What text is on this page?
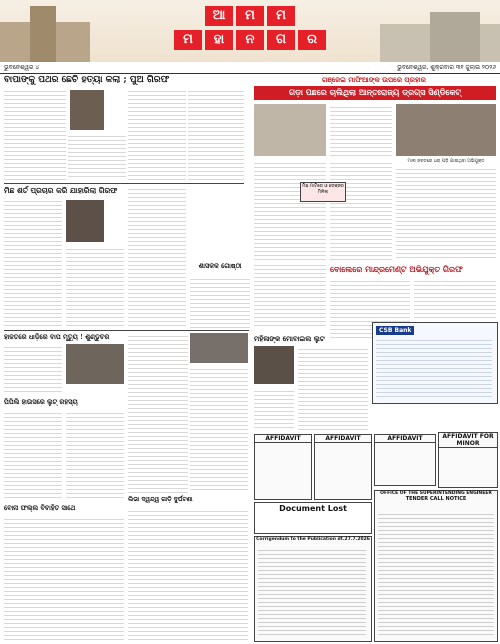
ଆ	ମ	ମ
ମ	ହା	ନ	ଗ	ର
ଭୁବନେଶ୍ୱର ୪	ଭୁବନେଶ୍ୱର, ଶୁକ୍ରବାର ୩୧ ଜୁଲାଇ ୨୦୨୬
ବାପାଙ୍କୁ ପଥର ଛେଚି ହତ୍ୟା କଲା ; ପୁଅ ଗିରଫ	ଗଞ୍ଜେଇ ମାଫିଆଙ୍କ ଉପରେ ପ୍ରହାର
ଗଡ଼ା ପଛରେ ଚାଲିଥିଲା ଆନ୍ତଃରାଜ୍ୟ ଡ୍ରଗ୍ସ ସିଣ୍ଡିକେଟ୍
ମାଲ ଜବତରେ ଧରା ପଡ଼ି ଯାଇଥିବା ଅଭିଯୁକ୍ତ
ମିଛ ମାଟିରେ ଓ ଡେଞ୍ଜର ମିଳିଲା
ମିଛ ଶର୍ତ ପ୍ରଚାର କରି ଯାହାରିଲା ଗିରଫ
ଶାସକକ ଗୋଷ୍ଠୀ	ବୋଲେରେ ମାନ୍ଦ୍ରମେଣ୍ଟ ଅଭିଯୁକ୍ତ ଗିରଫ
CSB Bank
ହାଜତରେ ଧାଡ଼ିରେ ବାପ ମୃତ୍ୟୁ ! ଶୁଣ୍ଡୁଚର
ପିପିଲି ହାଉସରେ ଲୁଟ୍ ରହସ୍ୟ
ବୋନା ଫଲ୍ଲ ବିବାହିତ ସାଥେ
ଲିଭା ଦ୍ୱନ୍ଦ୍ୱ ଗାଡ଼ି ଦୁର୍ଘଟଣା
ମହିଳାଙ୍କ ମୋବାଇଲ ଲୁଟ
AFFIDAVIT	AFFIDAVIT	AFFIDAVIT	AFFIDAVIT FOR MINOR
Document Lost
Corrigendum to the Publication dt.27.7.2026
OFFICE OF THE SUPERINTENDING ENGINEER
TENDER CALL NOTICE
